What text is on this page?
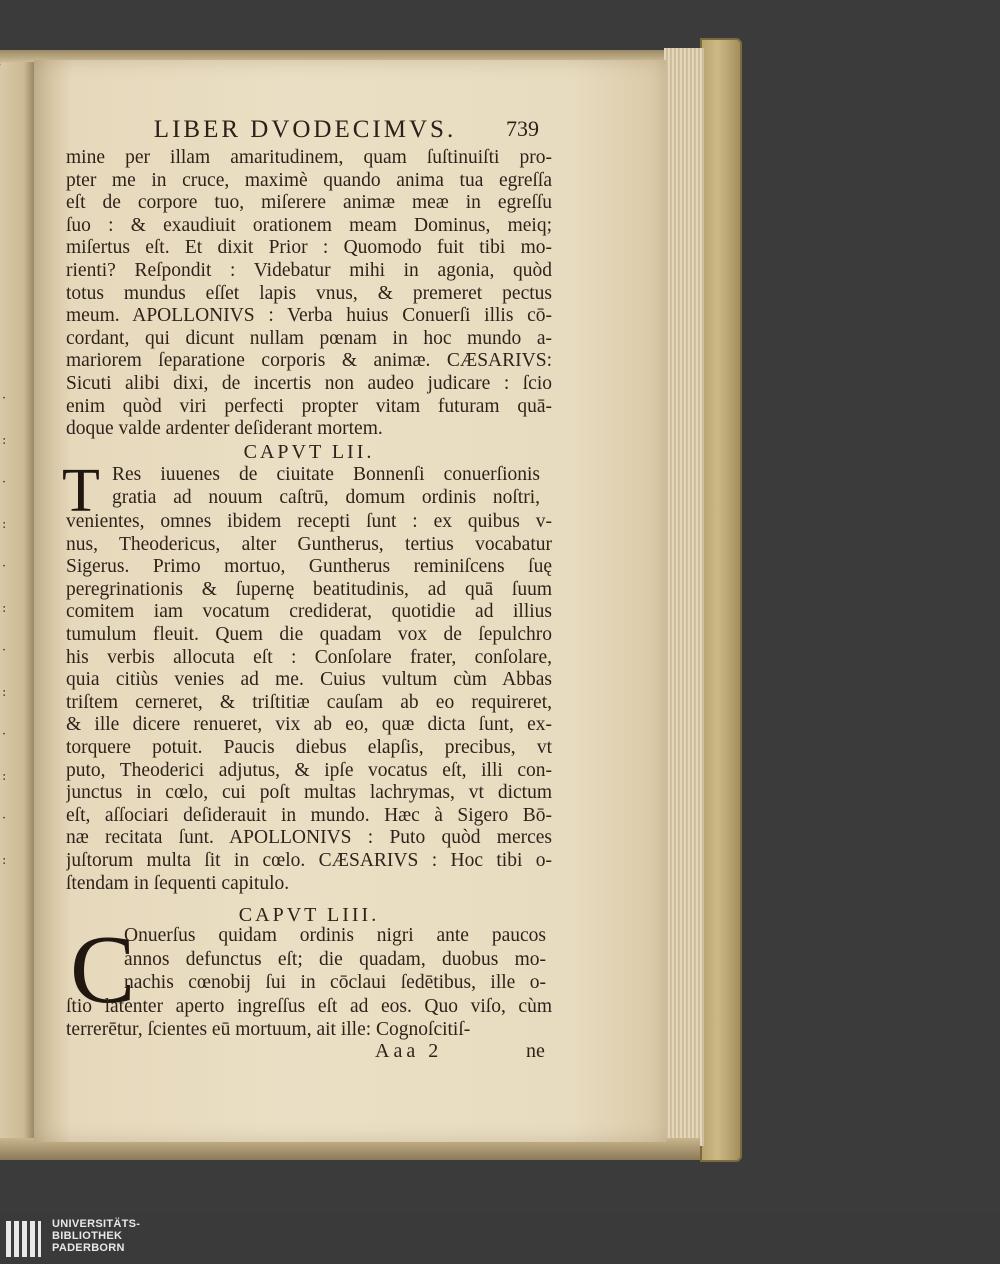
·
:
·
:
·
:
·
:
·
:
·
:
LIBER DVODECIMVS.	739
mine per illam amaritudinem, quam ſuſtinuiſti pro-
pter me in cruce, maximè quando anima tua egreſſa
eſt de corpore tuo, miſerere animæ meæ in egreſſu
ſuo : & exaudiuit orationem meam Dominus, meiq;
miſertus eſt. Et dixit Prior : Quomodo fuit tibi mo-
rienti? Reſpondit : Videbatur mihi in agonia, quòd
totus mundus eſſet lapis vnus, & premeret pectus
meum. APOLLONIVS : Verba huius Conuerſi illis cō-
cordant, qui dicunt nullam pœnam in hoc mundo a-
mariorem ſeparatione corporis & animæ. CÆSARIVS:
Sicuti alibi dixi, de incertis non audeo judicare : ſcio
enim quòd viri perfecti propter vitam futuram quā-
doque valde ardenter deſiderant mortem.
CAPVT LII.
T Res iuuenes de ciuitate Bonnenſi conuerſionis
gratia ad nouum caſtrū, domum ordinis noſtri,
venientes, omnes ibidem recepti ſunt : ex quibus v-
nus, Theodericus, alter Guntherus, tertius vocabatur
Sigerus. Primo mortuo, Guntherus reminiſcens ſuę
peregrinationis & ſupernę beatitudinis, ad quā ſuum
comitem iam vocatum crediderat, quotidie ad illius
tumulum fleuit. Quem die quadam vox de ſepulchro
his verbis allocuta eſt : Conſolare frater, conſolare,
quia citiùs venies ad me. Cuius vultum cùm Abbas
triſtem cerneret, & triſtitiæ cauſam ab eo requireret,
& ille dicere renueret, vix ab eo, quæ dicta ſunt, ex-
torquere potuit. Paucis diebus elapſis, precibus, vt
puto, Theoderici adjutus, & ipſe vocatus eſt, illi con-
junctus in cœlo, cui poſt multas lachrymas, vt dictum
eſt, aſſociari deſiderauit in mundo. Hæc à Sigero Bō-
næ recitata ſunt. APOLLONIVS : Puto quòd merces
juſtorum multa ſit in cœlo. CÆSARIVS : Hoc tibi o-
ſtendam in ſequenti capitulo.
CAPVT LIII.
C
Onuerſus quidam ordinis nigri ante paucos
annos defunctus eſt; die quadam, duobus mo-
nachis cœnobij ſui in cōclaui ſedētibus, ille o-
ſtio latenter aperto ingreſſus eſt ad eos. Quo viſo, cùm
terrerētur, ſcientes eū mortuum, ait ille: Cognoſcitiſ-
Aaa 2	ne
UNIVERSITÄTS-
BIBLIOTHEK
PADERBORN
